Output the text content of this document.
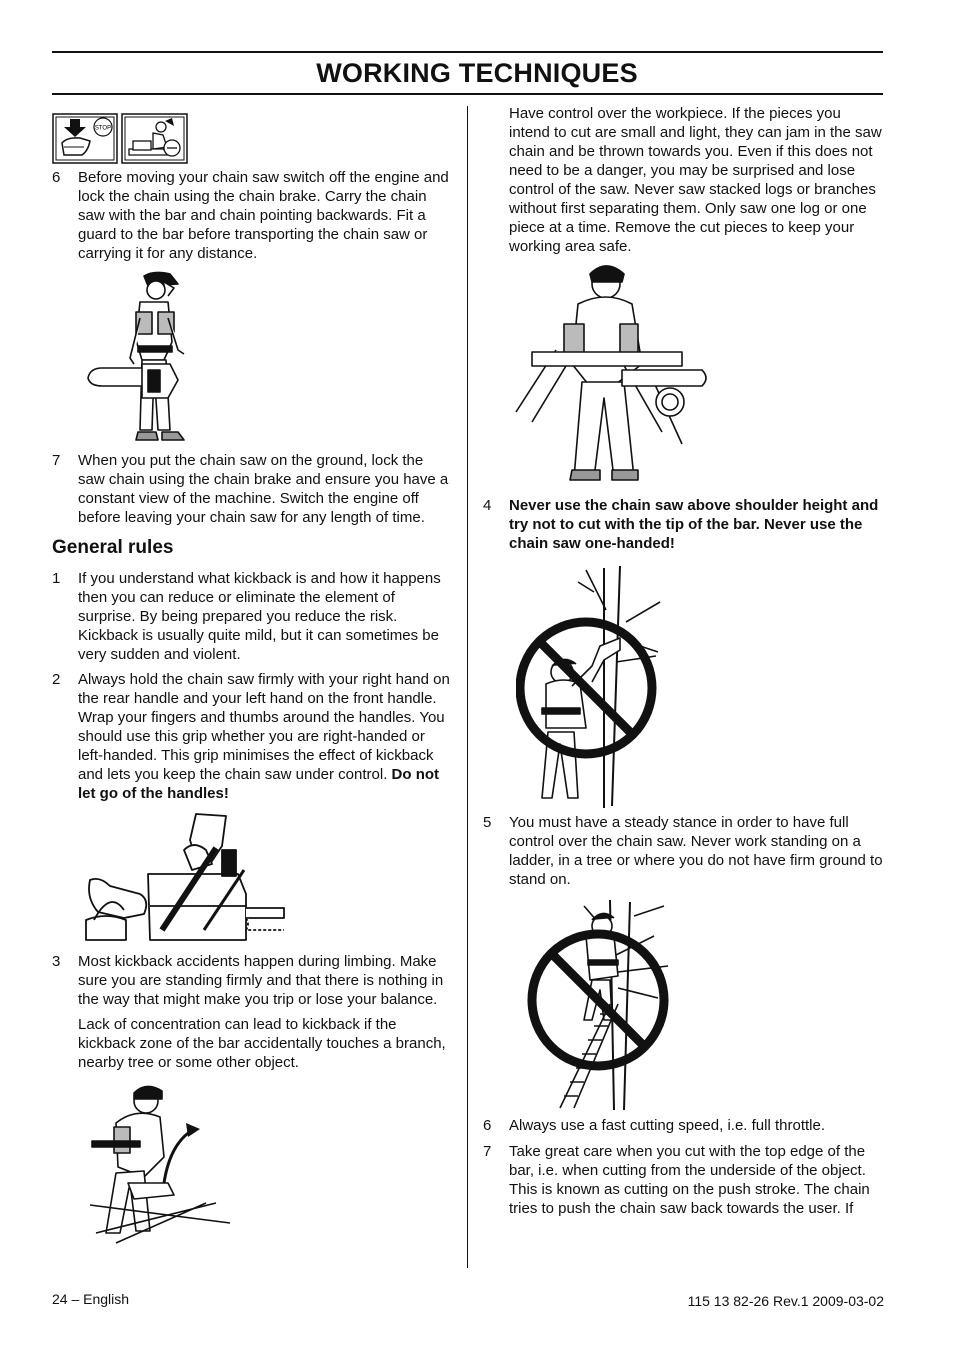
WORKING TECHNIQUES
STOP
6	Before moving your chain saw switch off the engine and lock the chain using the chain brake. Carry the chain saw with the bar and chain pointing backwards. Fit a guard to the bar before transporting the chain saw or carrying it for any distance.
7	When you put the chain saw on the ground, lock the saw chain using the chain brake and ensure you have a constant view of the machine. Switch the engine off before leaving your chain saw for any length of time.
General rules
1	If you understand what kickback is and how it happens then you can reduce or eliminate the element of surprise. By being prepared you reduce the risk. Kickback is usually quite mild, but it can sometimes be very sudden and violent.
2	Always hold the chain saw firmly with your right hand on the rear handle and your left hand on the front handle. Wrap your fingers and thumbs around the handles. You should use this grip whether you are right-handed or left-handed. This grip minimises the effect of kickback and lets you keep the chain saw under control. Do not let go of the handles!
3	Most kickback accidents happen during limbing. Make sure you are standing firmly and that there is nothing in the way that might make you trip or lose your balance.
Lack of concentration can lead to kickback if the kickback zone of the bar accidentally touches a branch, nearby tree or some other object.
Have control over the workpiece. If the pieces you intend to cut are small and light, they can jam in the saw chain and be thrown towards you. Even if this does not need to be a danger, you may be surprised and lose control of the saw. Never saw stacked logs or branches without first separating them. Only saw one log or one piece at a time. Remove the cut pieces to keep your working area safe.
4	Never use the chain saw above shoulder height and try not to cut with the tip of the bar. Never use the chain saw one-handed!
5	You must have a steady stance in order to have full control over the chain saw. Never work standing on a ladder, in a tree or where you do not have firm ground to stand on.
6	Always use a fast cutting speed, i.e. full throttle.
7	Take great care when you cut with the top edge of the bar, i.e. when cutting from the underside of the object. This is known as cutting on the push stroke. The chain tries to push the chain saw back towards the user. If
24 – English	115 13 82-26 Rev.1 2009-03-02
